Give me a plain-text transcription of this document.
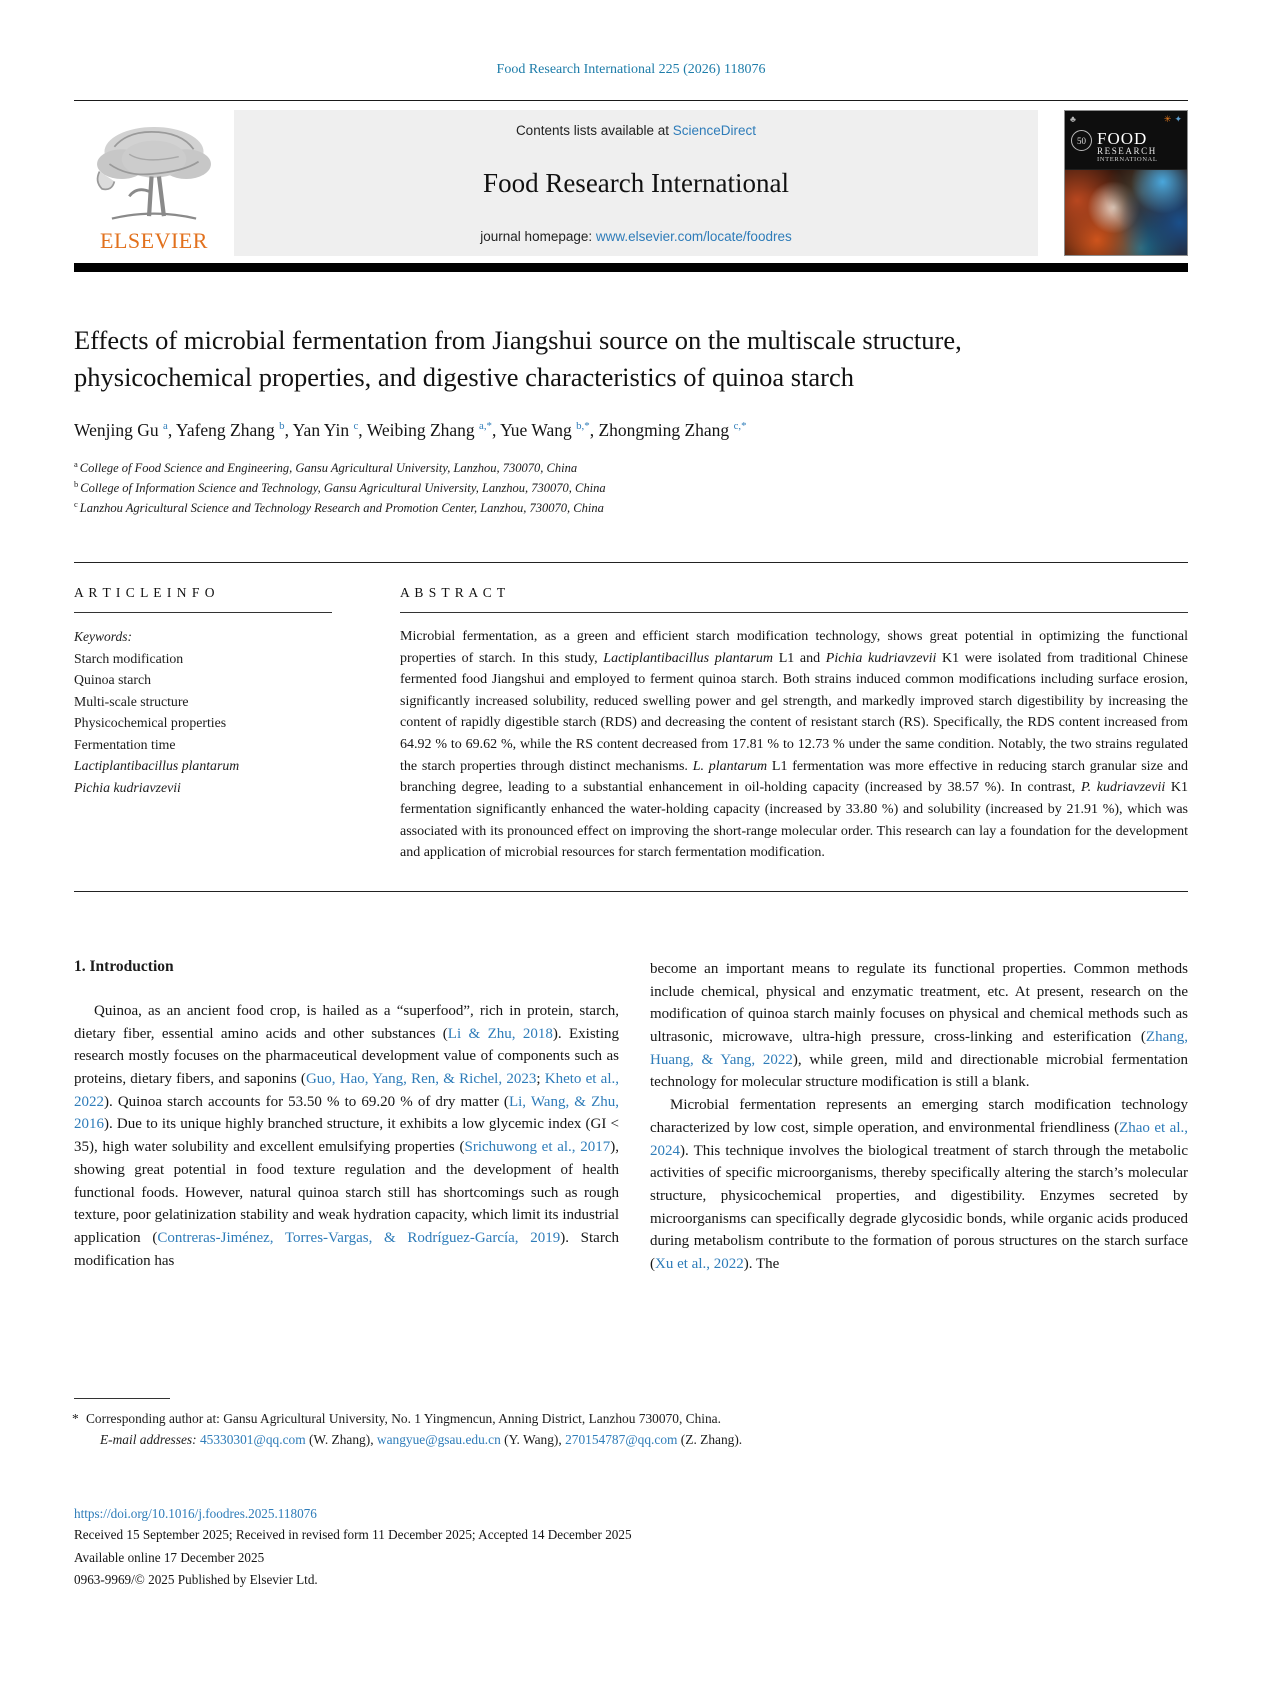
Food Research International 225 (2026) 118076
ELSEVIER
Contents lists available at ScienceDirect
Food Research International
journal homepage: www.elsevier.com/locate/foodres
♣	✳ ✦
50 FOOD
RESEARCH
INTERNATIONAL
Effects of microbial fermentation from Jiangshui source on the multiscale structure, physicochemical properties, and digestive characteristics of quinoa starch
Wenjing Gu $^a$, Yafeng Zhang $^b$, Yan Yin $^c$, Weibing Zhang $^{a,*}$, Yue Wang $^{b,*}$, Zhongming Zhang $^{c,*}$
$^a$ College of Food Science and Engineering, Gansu Agricultural University, Lanzhou, 730070, China
$^b$ College of Information Science and Technology, Gansu Agricultural University, Lanzhou, 730070, China
$^c$ Lanzhou Agricultural Science and Technology Research and Promotion Center, Lanzhou, 730070, China
A R T I C L E I N F O
Keywords:
Starch modification
Quinoa starch
Multi-scale structure
Physicochemical properties
Fermentation time
Lactiplantibacillus plantarum
Pichia kudriavzevii
A B S T R A C T

Microbial fermentation, as a green and efficient starch modification technology, shows great potential in optimizing the functional properties of starch. In this study, Lactiplantibacillus plantarum L1 and Pichia kudriavzevii K1 were isolated from traditional Chinese fermented food Jiangshui and employed to ferment quinoa starch. Both strains induced common modifications including surface erosion, significantly increased solubility, reduced swelling power and gel strength, and markedly improved starch digestibility by increasing the content of rapidly digestible starch (RDS) and decreasing the content of resistant starch (RS). Specifically, the RDS content increased from 64.92 % to 69.62 %, while the RS content decreased from 17.81 % to 12.73 % under the same condition. Notably, the two strains regulated the starch properties through distinct mechanisms. L. plantarum L1 fermentation was more effective in reducing starch granular size and branching degree, leading to a substantial enhancement in oil-holding capacity (increased by 38.57 %). In contrast, P. kudriavzevii K1 fermentation significantly enhanced the water-holding capacity (increased by 33.80 %) and solubility (increased by 21.91 %), which was associated with its pronounced effect on improving the short-range molecular order. This research can lay a foundation for the development and application of microbial resources for starch fermentation modification.

1. Introduction

Quinoa, as an ancient food crop, is hailed as a “superfood”, rich in protein, starch, dietary fiber, essential amino acids and other substances (Li & Zhu, 2018). Existing research mostly focuses on the pharmaceutical development value of components such as proteins, dietary fibers, and saponins (Guo, Hao, Yang, Ren, & Richel, 2023; Kheto et al., 2022). Quinoa starch accounts for 53.50 % to 69.20 % of dry matter (Li, Wang, & Zhu, 2016). Due to its unique highly branched structure, it exhibits a low glycemic index (GI < 35), high water solubility and excellent emulsifying properties (Srichuwong et al., 2017), showing great potential in food texture regulation and the development of health functional foods. However, natural quinoa starch still has shortcomings such as rough texture, poor gelatinization stability and weak hydration capacity, which limit its industrial application (Contreras-Jiménez, Torres-Vargas, & Rodríguez-García, 2019). Starch modification has

become an important means to regulate its functional properties. Common methods include chemical, physical and enzymatic treatment, etc. At present, research on the modification of quinoa starch mainly focuses on physical and chemical methods such as ultrasonic, microwave, ultra-high pressure, cross-linking and esterification (Zhang, Huang, & Yang, 2022), while green, mild and directionable microbial fermentation technology for molecular structure modification is still a blank.

Microbial fermentation represents an emerging starch modification technology characterized by low cost, simple operation, and environmental friendliness (Zhao et al., 2024). This technique involves the biological treatment of starch through the metabolic activities of specific microorganisms, thereby specifically altering the starch’s molecular structure, physicochemical properties, and digestibility. Enzymes secreted by microorganisms can specifically degrade glycosidic bonds, while organic acids produced during metabolism contribute to the formation of porous structures on the starch surface (Xu et al., 2022). The

* Corresponding author at: Gansu Agricultural University, No. 1 Yingmencun, Anning District, Lanzhou 730070, China.
E-mail addresses: 45330301@qq.com (W. Zhang), wangyue@gsau.edu.cn (Y. Wang), 270154787@qq.com (Z. Zhang).
https://doi.org/10.1016/j.foodres.2025.118076
Received 15 September 2025; Received in revised form 11 December 2025; Accepted 14 December 2025
Available online 17 December 2025
0963-9969/© 2025 Published by Elsevier Ltd.
